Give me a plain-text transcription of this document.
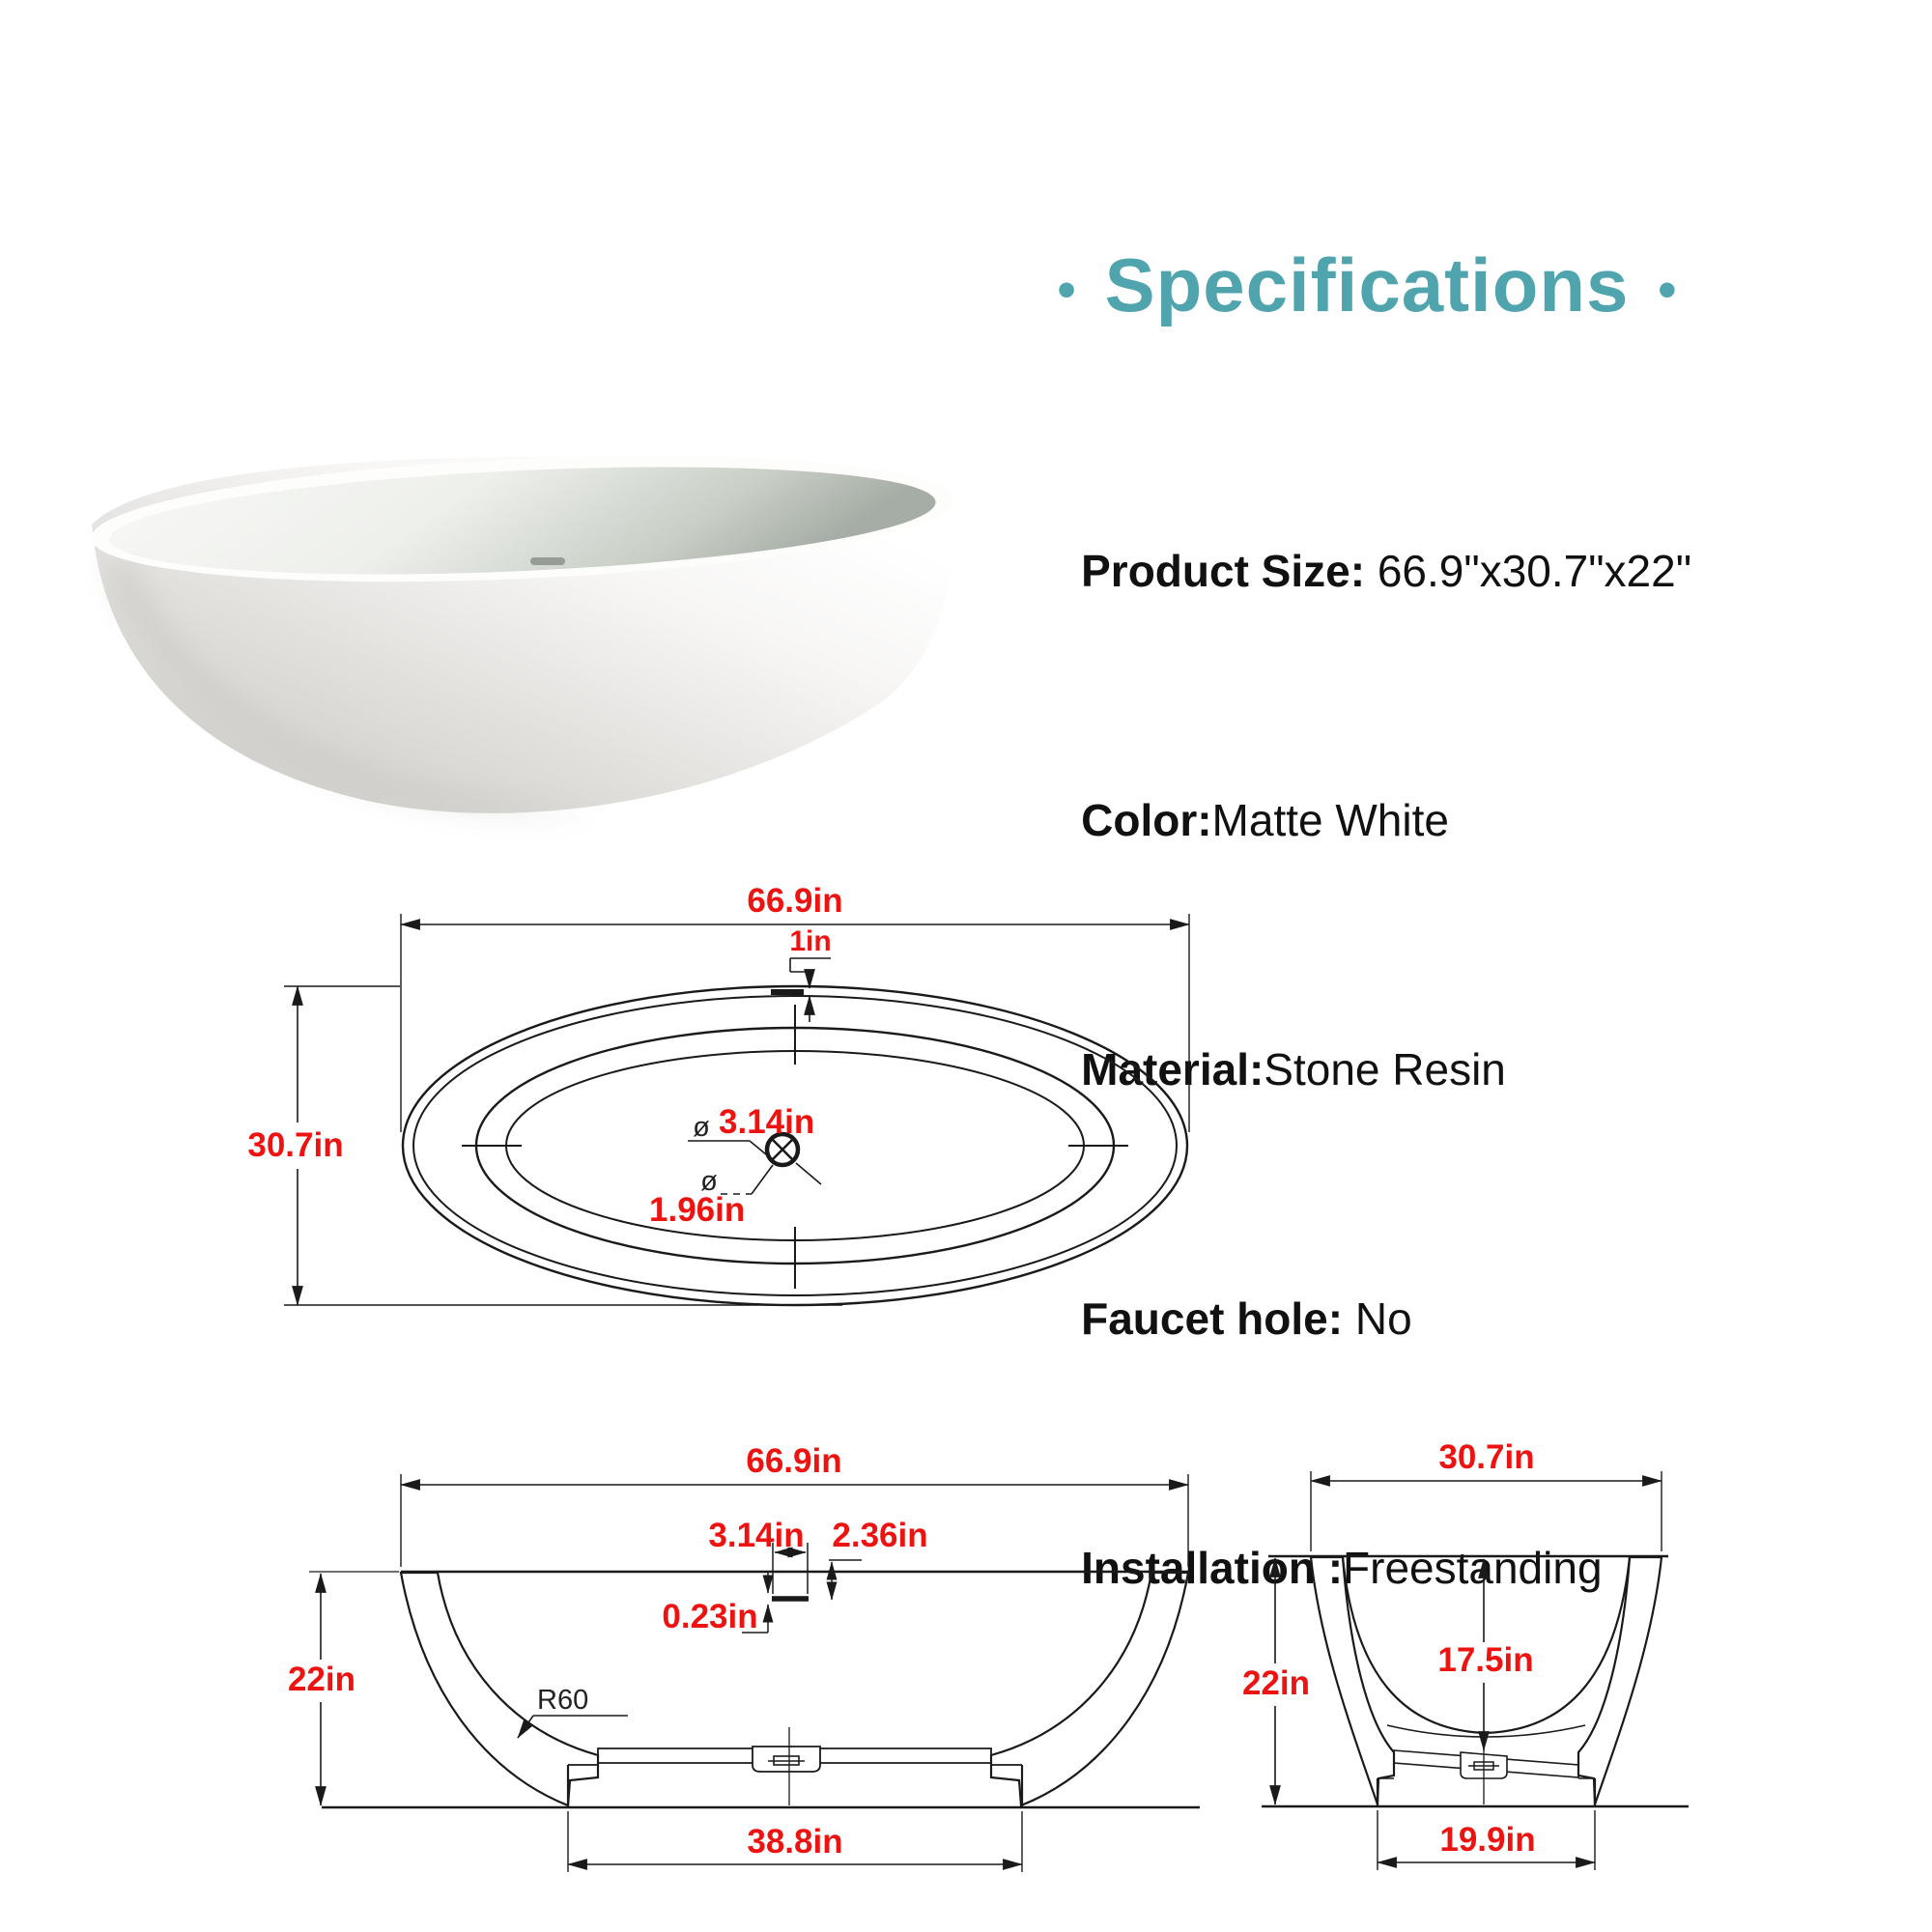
• Specifications •

Product Size: 66.9"x30.7"x22"

Color:Matte White

Material:Stone Resin

Faucet hole: No

Installation :Freestanding

66.9in
1in
30.7in	ø 3.14in
ø
1.96in
66.9in
3.14in 2.36in
0.23in
R60
22in
38.8in
30.7in
17.5in
22in
19.9in
